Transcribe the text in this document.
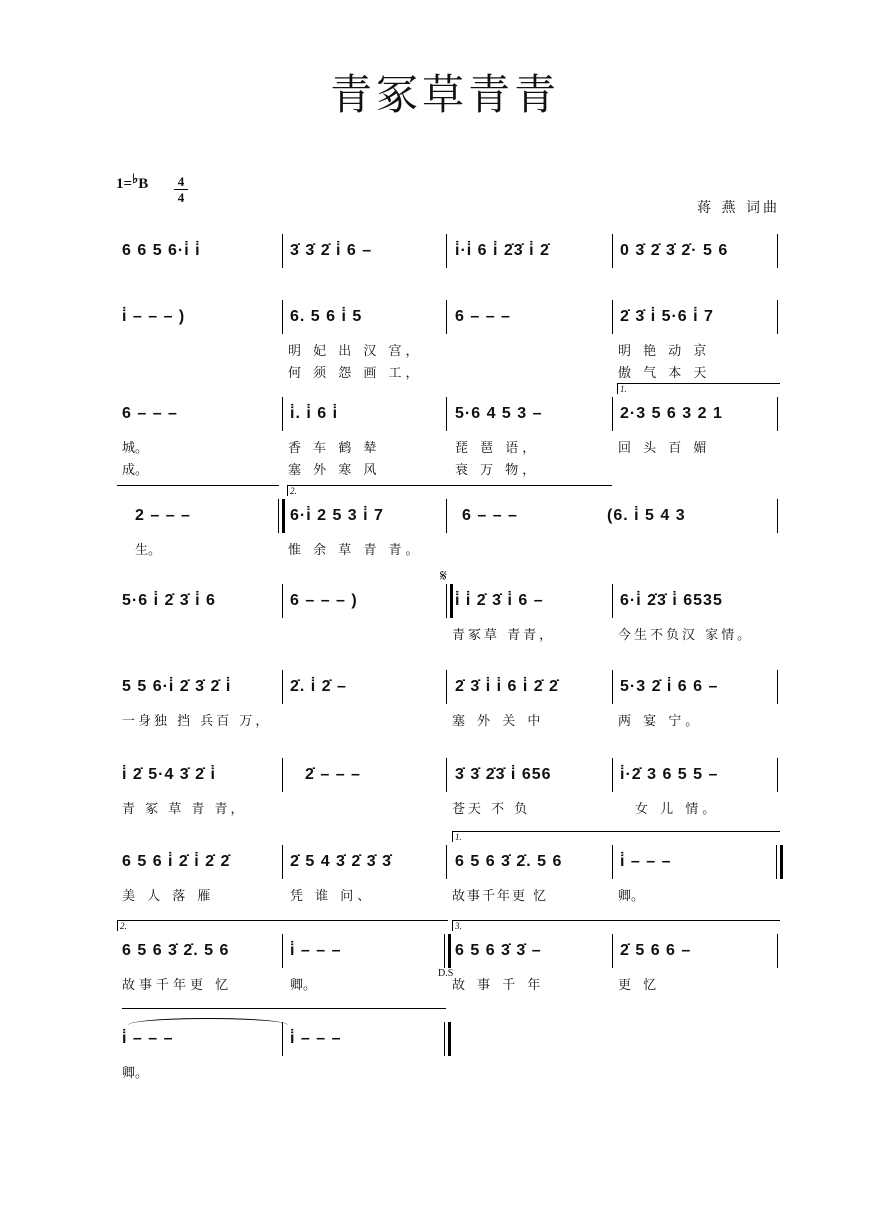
青冢草青青
1=♭B 4
4
蒋 燕 词曲
6 6 5 6·i̇ i̇	3̇ 3̇ 2̇ i̇ 6 –	i̇·i̇ 6 i̇ 2̇3̇ i̇ 2̇	0 3̇ 2̇ 3̇ 2̇· 5 6
i̇ – – – )	6. 5 6 i̇ 5	6 – – –	2̇ 3̇ i̇ 5·6 i̇ 7
明 妃 出 汉 宫，	明 艳 动 京
何 须 怨 画 工，	傲 气 本 天
1.
6 – – –	i̇. i̇ 6 i̇	5·6 4 5 3 –	2·3 5 6 3 2 1
城。	香 车 鹤 辇	琵 琶 语，	回 头 百 媚
成。	塞 外 寒 风	衰 万 物，
2.
2 – – –	6·i̇ 2 5 3 i̇ 7	6 – – –	(6. i̇ 5 4 3
生。	惟 余 草 青 青。
𝄋
5·6 i̇ 2̇ 3̇ i̇ 6	6 – – – )	i̇ i̇ 2̇ 3̇ i̇ 6 –	6·i̇ 2̇3̇ i̇ 6535
青冢草 青青，	今生不负汉 家情。
5 5 6·i̇ 2̇ 3̇ 2̇ i̇	2̇. i̇ 2̇ –	2̇ 3̇ i̇ i̇ 6 i̇ 2̇ 2̇	5·3 2̇ i̇ 6 6 –
一身独 挡 兵百 万，	塞 外 关 中	两 宴 宁。
i̇ 2̇ 5·4 3̇ 2̇ i̇	2̇ – – –	3̇ 3̇ 2̇3̇ i̇ 656	i̇·2̇ 3 6 5 5 –
青 冢 草 青 青，	苍天 不 负	女 儿 情。
1.
6 5 6 i̇ 2̇ i̇ 2̇ 2̇	2̇ 5 4 3̇ 2̇ 3̇ 3̇	6 5 6 3̇ 2̇. 5 6	i̇ – – –
美 人 落 雁	凭 谁 问、	故事千年更 忆	卿。
2.	3.
6 5 6 3̇ 2̇. 5 6	i̇ – – –	6 5 6 3̇ 3̇ –	2̇ 5 6 6 –
D.S
故事千年更 忆	卿。	故 事 千 年	更 忆
i̇ – – –	i̇ – – –
卿。
